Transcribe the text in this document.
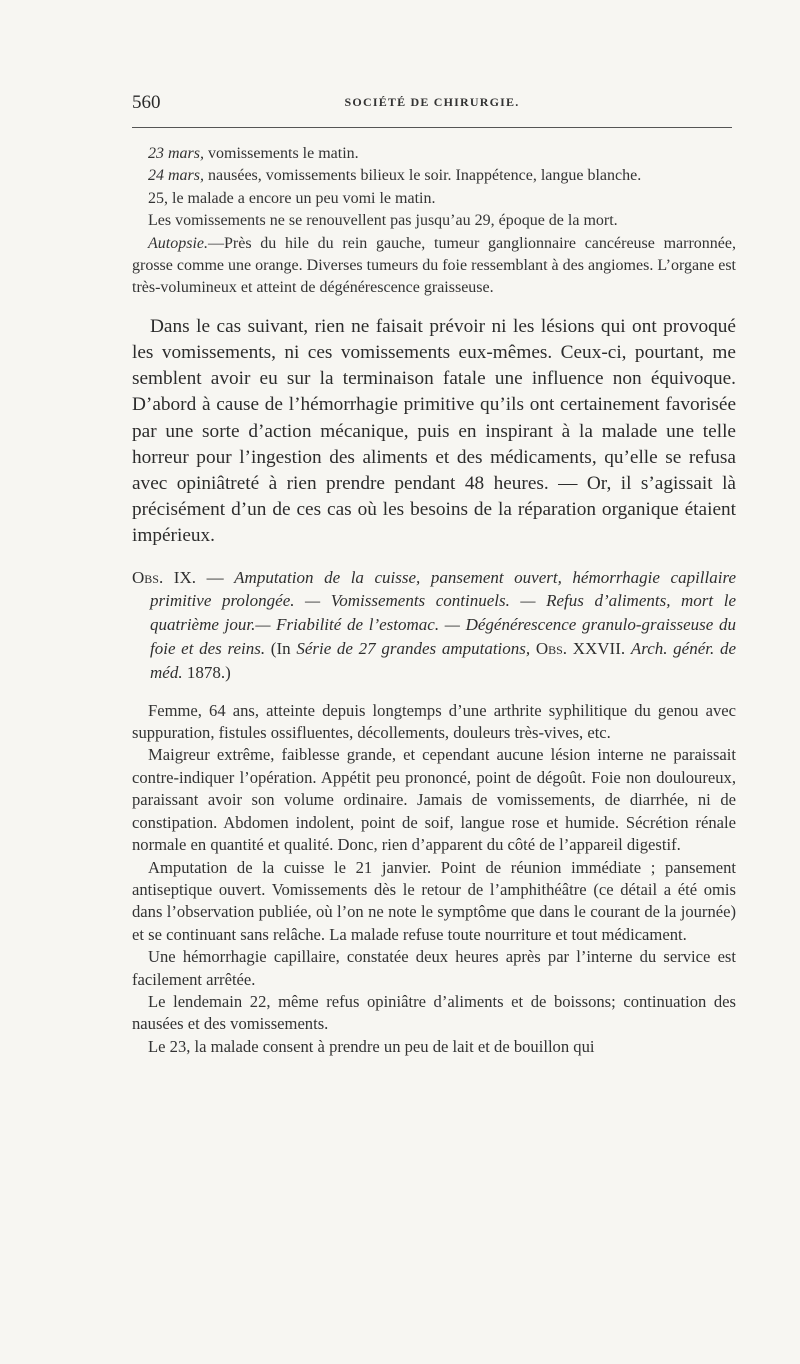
560	SOCIÉTÉ DE CHIRURGIE.

23 mars, vomissements le matin.

24 mars, nausées, vomissements bilieux le soir. Inappétence, langue blanche.

25, le malade a encore un peu vomi le matin.

Les vomissements ne se renouvellent pas jusqu’au 29, époque de la mort.

Autopsie.—Près du hile du rein gauche, tumeur ganglionnaire cancéreuse marronnée, grosse comme une orange. Diverses tumeurs du foie ressemblant à des angiomes. L’organe est très-volumineux et atteint de dégénérescence graisseuse.

Dans le cas suivant, rien ne faisait prévoir ni les lésions qui ont provoqué les vomissements, ni ces vomissements eux-mêmes. Ceux-ci, pourtant, me semblent avoir eu sur la terminaison fatale une influence non équivoque. D’abord à cause de l’hémorrhagie primitive qu’ils ont certainement favorisée par une sorte d’action mécanique, puis en inspirant à la malade une telle horreur pour l’ingestion des aliments et des médicaments, qu’elle se refusa avec opiniâtreté à rien prendre pendant 48 heures. — Or, il s’agissait là précisément d’un de ces cas où les besoins de la réparation organique étaient impérieux.

Obs. IX. — Amputation de la cuisse, pansement ouvert, hémorrhagie capillaire primitive prolongée. — Vomissements continuels. — Refus d’aliments, mort le quatrième jour.— Friabilité de l’estomac. — Dégénérescence granulo-graisseuse du foie et des reins. (In Série de 27 grandes amputations, Obs. XXVII. Arch. génér. de méd. 1878.)

Femme, 64 ans, atteinte depuis longtemps d’une arthrite syphilitique du genou avec suppuration, fistules ossifluentes, décollements, douleurs très-vives, etc.

Maigreur extrême, faiblesse grande, et cependant aucune lésion interne ne paraissait contre-indiquer l’opération. Appétit peu prononcé, point de dégoût. Foie non douloureux, paraissant avoir son volume ordinaire. Jamais de vomissements, de diarrhée, ni de constipation. Abdomen indolent, point de soif, langue rose et humide. Sécrétion rénale normale en quantité et qualité. Donc, rien d’apparent du côté de l’appareil digestif.

Amputation de la cuisse le 21 janvier. Point de réunion immédiate ; pansement antiseptique ouvert. Vomissements dès le retour de l’amphithéâtre (ce détail a été omis dans l’observation publiée, où l’on ne note le symptôme que dans le courant de la journée) et se continuant sans relâche. La malade refuse toute nourriture et tout médicament.

Une hémorrhagie capillaire, constatée deux heures après par l’interne du service est facilement arrêtée.

Le lendemain 22, même refus opiniâtre d’aliments et de boissons; continuation des nausées et des vomissements.

Le 23, la malade consent à prendre un peu de lait et de bouillon qui
